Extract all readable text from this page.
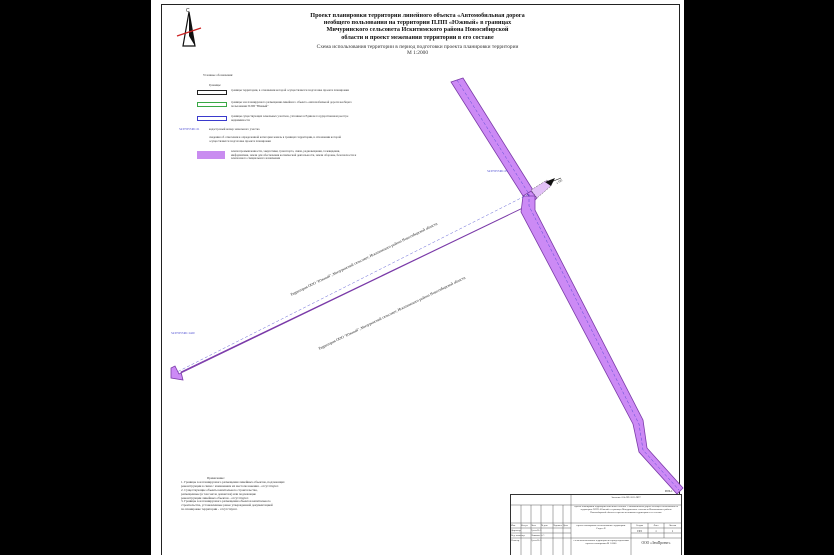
С
Проект планировки территории линейного объекта «Автомобильная дорога
необщего пользования на территории П.ПП «Южный» в границах
Мичуринского сельсовета Искитимского района Новосибирской
области и проект межевания территории в его составе
Схема использования территории в период подготовки проекта планировки территории
М 1:2000
к ПП
Территория ООО "Южный", Мичуринский сельсовет, Искитимского района Новосибирской области
Территория ООО "Южный", Мичуринский сельсовет, Искитимского района Новосибирской области
54:07:057401:25
54:07:057401:1420
ПП-1
Условные обозначения:
Границы:
границы территории, в отношении которой осуществляется подготовка проекта планировки
границы зон планируемого размещения линейного объекта «Автомобильной дороги необщего пользования П.ПП "Южный"
границы существующих земельных участков, учтенных в Едином государственном реестре недвижимости
54:07:057401:21	кадастровый номер земельного участка
сведения об отнесении к определенной категории земель в границах территории, в отношении которой осуществляется подготовка проекта планировки
земли промышленности, энергетики, транспорта, связи, радиовещания, телевидения, информатики, земли для обеспечения космической деятельности, земли обороны, безопасности и земли иного специального назначения
Примечание:
1. Границы зон планируемого размещения линейных объектов, подлежащих
реконструкции в связи с изменением их местоположения - отсутствуют.
2. Существующие объекты капитального строительства,
размещенные (в том числе демонтаж) или подлежащие
реконструкции линейных объектов - отсутствуют.
3. Границы зон планируемого размещения объектов капитального
строительства, установленные ранее утвержденной документацией
по планировке территории - отсутствуют.
Заказчик: 054-ПП-2023-ППТ
Проект планировки территории линейного объекта «Автомобильная дорога необщего пользования на территории П.ПП «Южный» в границах Мичуринского сельсовета Искитимского района Новосибирской области и проект межевания территории в его составе
Изм.	Кол.уч	Лист	№ док.	Подпись Дата
Директор	Гусев К.А.
Вед. инженер	Новиков А.С.
Н.контр.	Гусев К.А.
Проект планировки. Использование территории. Раздел II
Стадия	Лист	Листов
ПП	1	1
Схема использования территории в период подготовки проекта планировки М 1:2000	ООО «ЗемПроект»
